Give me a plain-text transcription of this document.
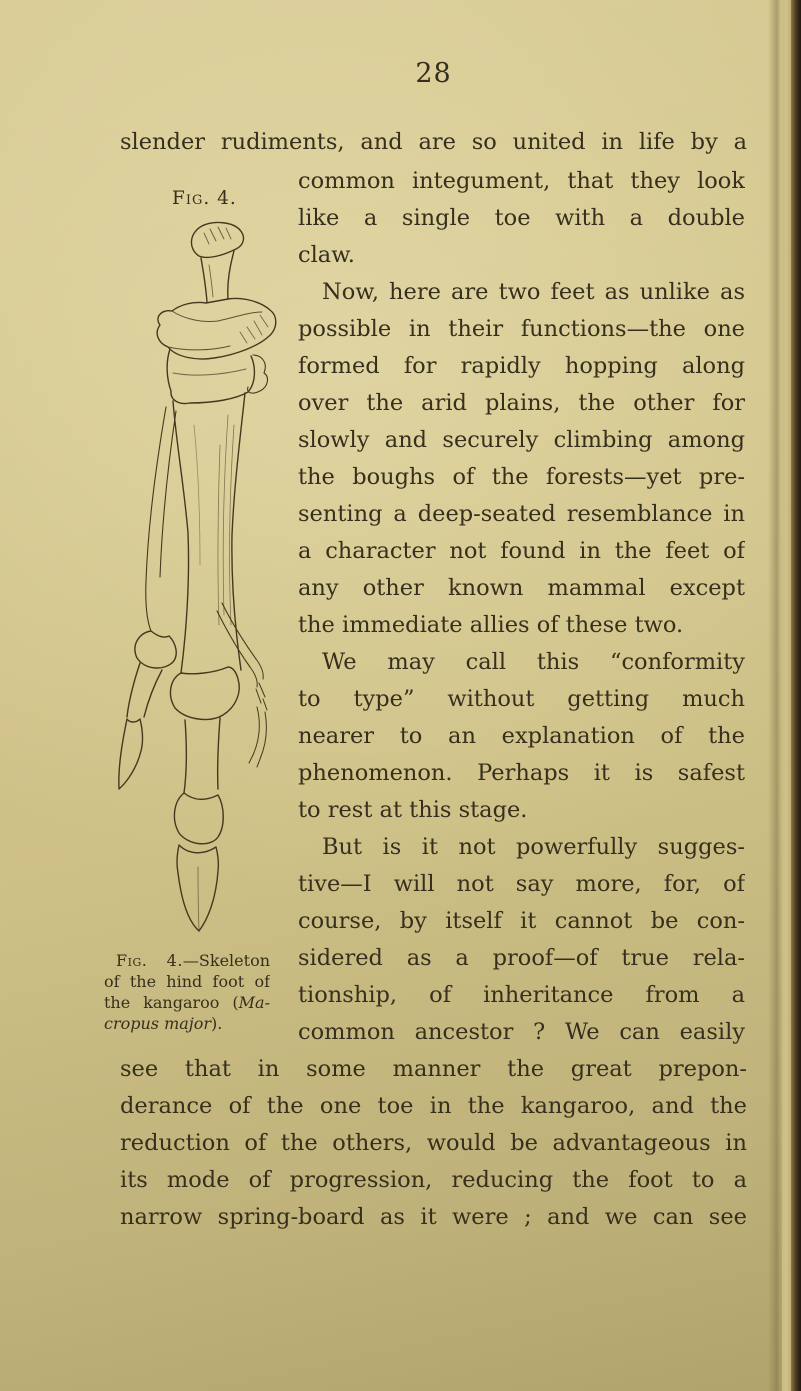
28
slender rudiments, and are so united in life by a
Fig. 4.
common integument, that they look
like a single toe with a double
claw.
Now, here are two feet as unlike as
possible in their functions—the one
formed for rapidly hopping along
over the arid plains, the other for
slowly and securely climbing among
the boughs of the forests—yet pre-
senting a deep-seated resemblance in
a character not found in the feet of
any other known mammal except
the immediate allies of these two.
We may call this “conformity
to type” without getting much
nearer to an explanation of the
phenomenon. Perhaps it is safest
to rest at this stage.
But is it not powerfully sugges-
tive—I will not say more, for, of
course, by itself it cannot be con-
sidered as a proof—of true rela-
tionship, of inheritance from a
common ancestor ? We can easily
Fig. 4.—Skeleton
of the hind foot of
the kangaroo (Ma-
cropus major).
see that in some manner the great prepon-
derance of the one toe in the kangaroo, and the
reduction of the others, would be advantageous in
its mode of progression, reducing the foot to a
narrow spring-board as it were ; and we can see
